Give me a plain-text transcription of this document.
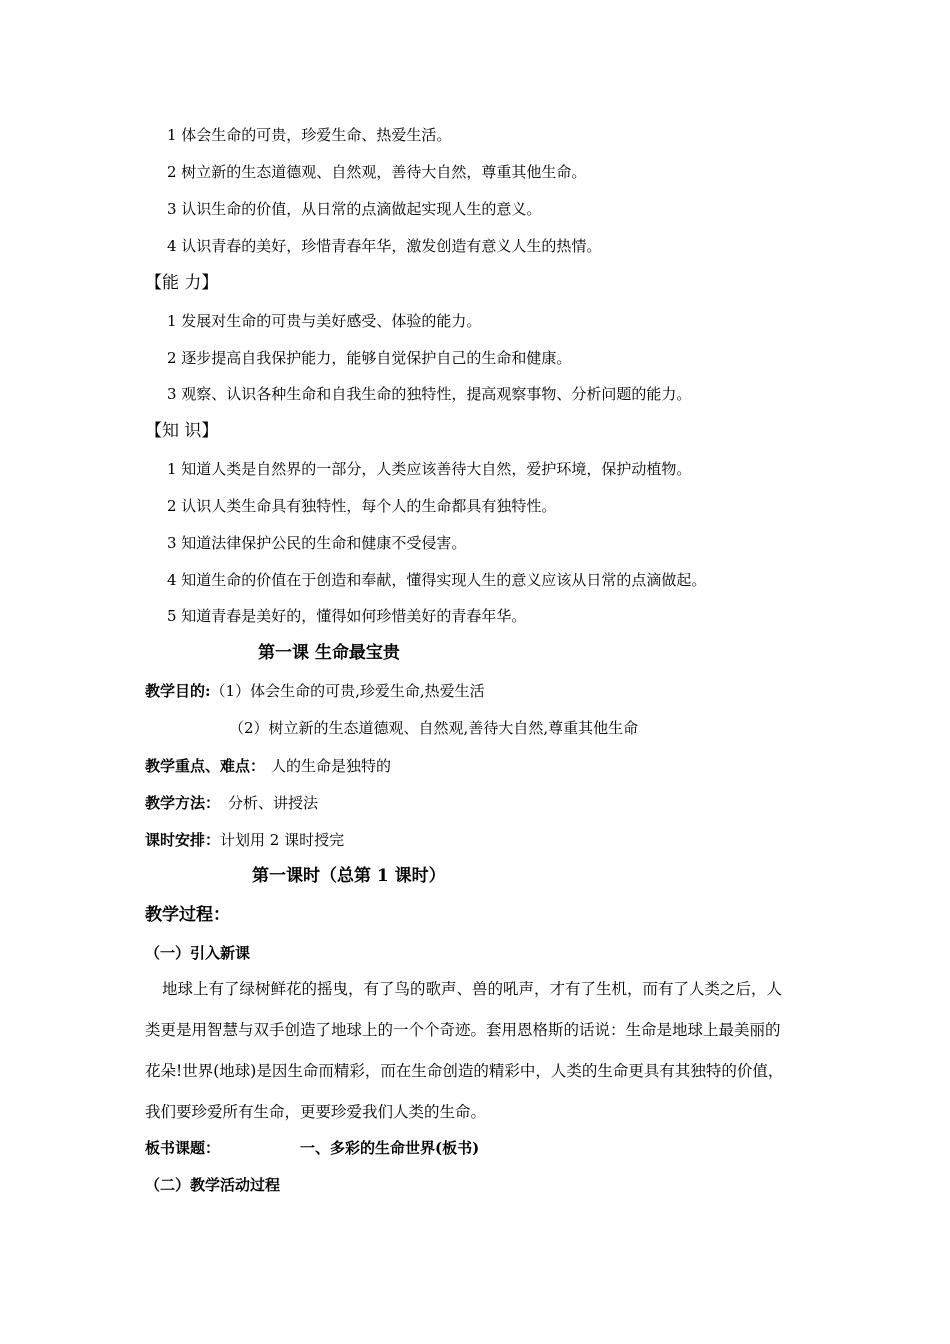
1 体会生命的可贵，珍爱生命、热爱生活。
2 树立新的生态道德观、自然观，善待大自然，尊重其他生命。
3 认识生命的价值，从日常的点滴做起实现人生的意义。
4 认识青春的美好，珍惜青春年华，激发创造有意义人生的热情。
【能 力】
1 发展对生命的可贵与美好感受、体验的能力。
2 逐步提高自我保护能力，能够自觉保护自己的生命和健康。
3 观察、认识各种生命和自我生命的独特性，提高观察事物、分析问题的能力。
【知 识】
1 知道人类是自然界的一部分，人类应该善待大自然，爱护环境，保护动植物。
2 认识人类生命具有独特性，每个人的生命都具有独特性。
3 知道法律保护公民的生命和健康不受侵害。
4 知道生命的价值在于创造和奉献，懂得实现人生的意义应该从日常的点滴做起。
5 知道青春是美好的，懂得如何珍惜美好的青春年华。
第一课 生命最宝贵
教学目的:（1）体会生命的可贵,珍爱生命,热爱生活
（2）树立新的生态道德观、自然观,善待大自然,尊重其他生命
教学重点、难点： 人的生命是独特的
教学方法： 分析、讲授法
课时安排：计划用 2 课时授完
第一课时（总第 1 课时）
教学过程：
（一）引入新课
地球上有了绿树鲜花的摇曳，有了鸟的歌声、兽的吼声，才有了生机，而有了人类之后，人
类更是用智慧与双手创造了地球上的一个个奇迹。套用恩格斯的话说：生命是地球上最美丽的
花朵!世界(地球)是因生命而精彩，而在生命创造的精彩中，人类的生命更具有其独特的价值，
我们要珍爱所有生命，更要珍爱我们人类的生命。
板书课题：	一、多彩的生命世界(板书)
（二）教学活动过程
